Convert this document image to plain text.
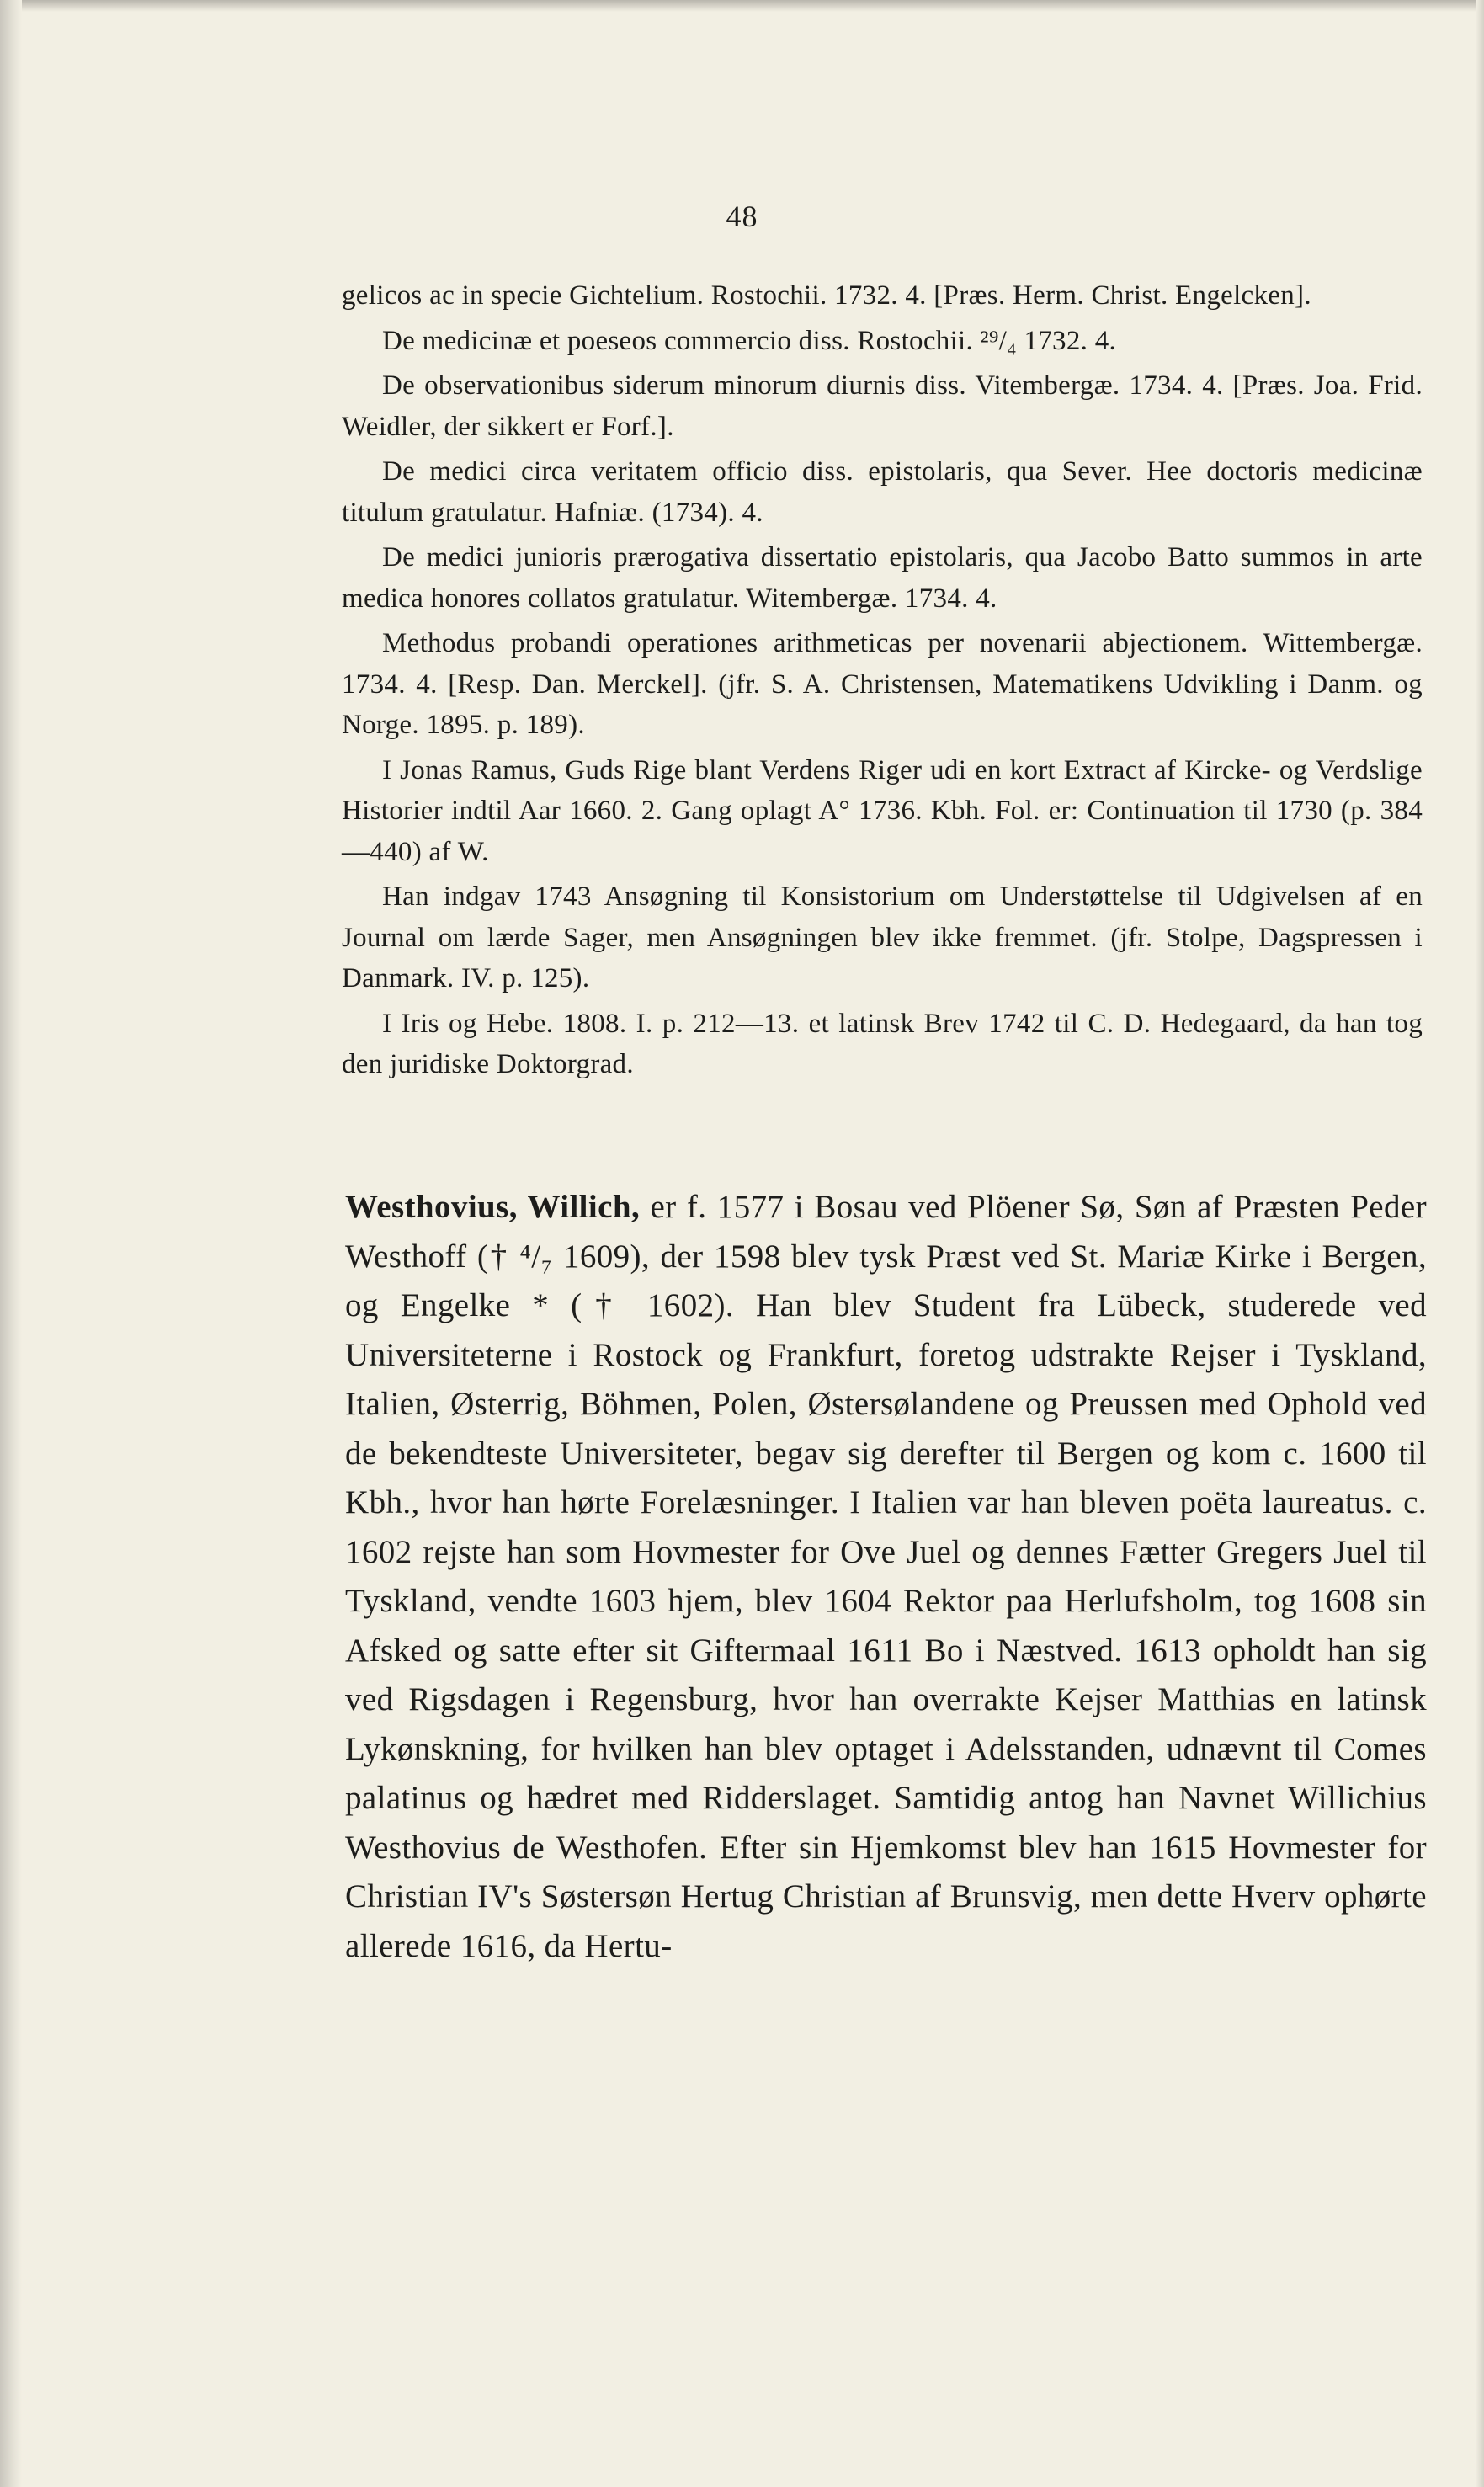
48

gelicos ac in specie Gichtelium. Rostochii. 1732. 4. [Præs. Herm. Christ. Engelcken].

De medicinæ et poeseos commercio diss. Rostochii. ²⁹/₄ 1732. 4.

De observationibus siderum minorum diurnis diss. Vitembergæ. 1734. 4. [Præs. Joa. Frid. Weidler, der sikkert er Forf.].

De medici circa veritatem officio diss. epistolaris, qua Sever. Hee doctoris medicinæ titulum gratulatur. Hafniæ. (1734). 4.

De medici junioris prærogativa dissertatio epistolaris, qua Jacobo Batto summos in arte medica honores collatos gratulatur. Witembergæ. 1734. 4.

Methodus probandi operationes arithmeticas per novenarii abjectionem. Wittembergæ. 1734. 4. [Resp. Dan. Merckel]. (jfr. S. A. Christensen, Matematikens Udvikling i Danm. og Norge. 1895. p. 189).

I Jonas Ramus, Guds Rige blant Verdens Riger udi en kort Extract af Kircke- og Verdslige Historier indtil Aar 1660. 2. Gang oplagt A° 1736. Kbh. Fol. er: Continuation til 1730 (p. 384—440) af W.

Han indgav 1743 Ansøgning til Konsistorium om Understøttelse til Udgivelsen af en Journal om lærde Sager, men Ansøgningen blev ikke fremmet. (jfr. Stolpe, Dagspressen i Danmark. IV. p. 125).

I Iris og Hebe. 1808. I. p. 212—13. et latinsk Brev 1742 til C. D. Hedegaard, da han tog den juridiske Doktorgrad.

Westhovius, Willich, er f. 1577 i Bosau ved Plöener Sø, Søn af Præsten Peder Westhoff († ⁴/₇ 1609), der 1598 blev tysk Præst ved St. Mariæ Kirke i Bergen, og Engelke * († 1602). Han blev Student fra Lübeck, studerede ved Universiteterne i Rostock og Frankfurt, foretog udstrakte Rejser i Tyskland, Italien, Østerrig, Böhmen, Polen, Østersølandene og Preussen med Ophold ved de bekendteste Universiteter, begav sig derefter til Bergen og kom c. 1600 til Kbh., hvor han hørte Forelæsninger. I Italien var han bleven poëta laureatus. c. 1602 rejste han som Hovmester for Ove Juel og dennes Fætter Gregers Juel til Tyskland, vendte 1603 hjem, blev 1604 Rektor paa Herlufsholm, tog 1608 sin Afsked og satte efter sit Giftermaal 1611 Bo i Næstved. 1613 opholdt han sig ved Rigsdagen i Regensburg, hvor han overrakte Kejser Matthias en latinsk Lykønskning, for hvilken han blev optaget i Adelsstanden, udnævnt til Comes palatinus og hædret med Ridderslaget. Samtidig antog han Navnet Willichius Westhovius de Westhofen. Efter sin Hjemkomst blev han 1615 Hovmester for Christian IV's Søstersøn Hertug Christian af Brunsvig, men dette Hverv ophørte allerede 1616, da Hertu-
